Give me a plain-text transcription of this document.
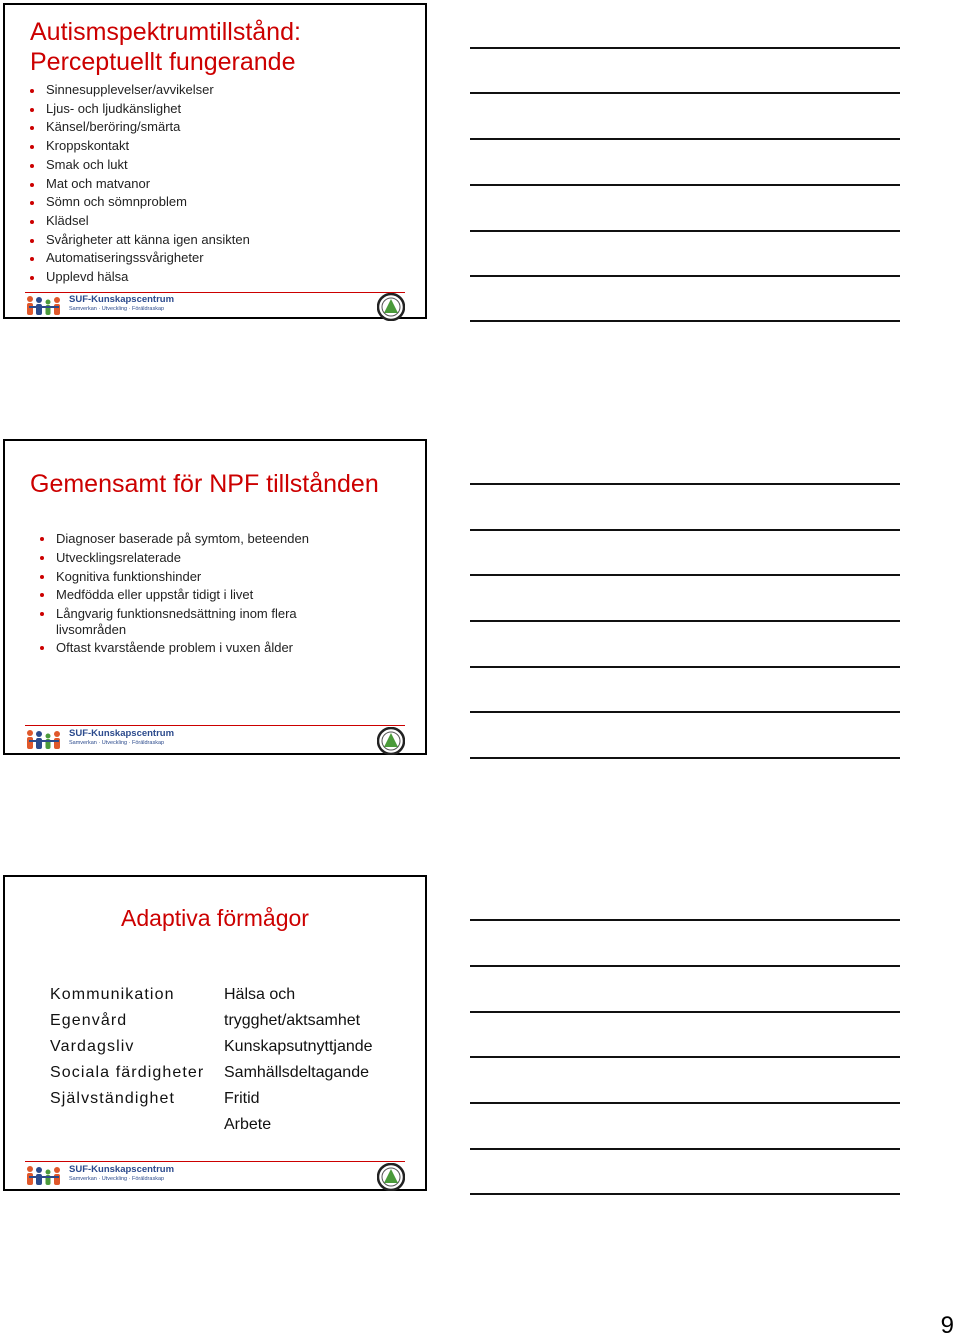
Autismspektrumtillstånd:
Perceptuellt fungerande
Sinnesupplevelser/avvikelser
Ljus- och ljudkänslighet
Känsel/beröring/smärta
Kroppskontakt
Smak och lukt
Mat och matvanor
Sömn och sömnproblem
Klädsel
Svårigheter att känna igen ansikten
Automatiseringssvårigheter
Upplevd hälsa
SUF-Kunskapscentrum
Samverkan · Utveckling · Föräldraskap
Gemensamt för NPF tillstånden
Diagnoser baserade på symtom, beteenden
Utvecklingsrelaterade
Kognitiva funktionshinder
Medfödda eller uppstår tidigt i livet
Långvarig funktionsnedsättning inom flera livsområden
Oftast kvarstående problem i vuxen ålder
SUF-Kunskapscentrum
Samverkan · Utveckling · Föräldraskap
Adaptiva förmågor
Kommunikation
Egenvård
Vardagsliv
Sociala färdigheter
Självständighet
Hälsa och
trygghet/aktsamhet
Kunskapsutnyttjande
Samhällsdeltagande
Fritid
Arbete
SUF-Kunskapscentrum
Samverkan · Utveckling · Föräldraskap
9
